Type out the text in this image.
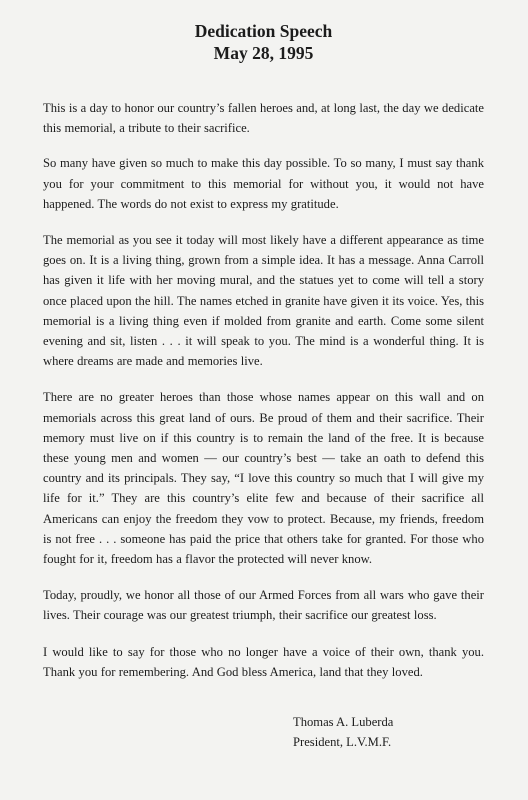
Dedication Speech
May 28, 1995

This is a day to honor our country’s fallen heroes and, at long last, the day we dedicate this memorial, a tribute to their sacrifice.

So many have given so much to make this day possible. To so many, I must say thank you for your commitment to this memorial for without you, it would not have happened. The words do not exist to express my gratitude.

The memorial as you see it today will most likely have a different appearance as time goes on. It is a living thing, grown from a simple idea. It has a message. Anna Carroll has given it life with her moving mural, and the statues yet to come will tell a story once placed upon the hill. The names etched in granite have given it its voice. Yes, this memorial is a living thing even if molded from granite and earth. Come some silent evening and sit, listen . . . it will speak to you. The mind is a wonderful thing. It is where dreams are made and memories live.

There are no greater heroes than those whose names appear on this wall and on memorials across this great land of ours. Be proud of them and their sacrifice. Their memory must live on if this country is to remain the land of the free. It is because these young men and women — our country’s best — take an oath to defend this country and its principals. They say, “I love this country so much that I will give my life for it.” They are this country’s elite few and because of their sacrifice all Americans can enjoy the freedom they vow to protect. Because, my friends, freedom is not free . . . someone has paid the price that others take for granted. For those who fought for it, freedom has a flavor the protected will never know.

Today, proudly, we honor all those of our Armed Forces from all wars who gave their lives. Their courage was our greatest triumph, their sacrifice our greatest loss.

I would like to say for those who no longer have a voice of their own, thank you. Thank you for remembering. And God bless America, land that they loved.

Thomas A. Luberda
President, L.V.M.F.
